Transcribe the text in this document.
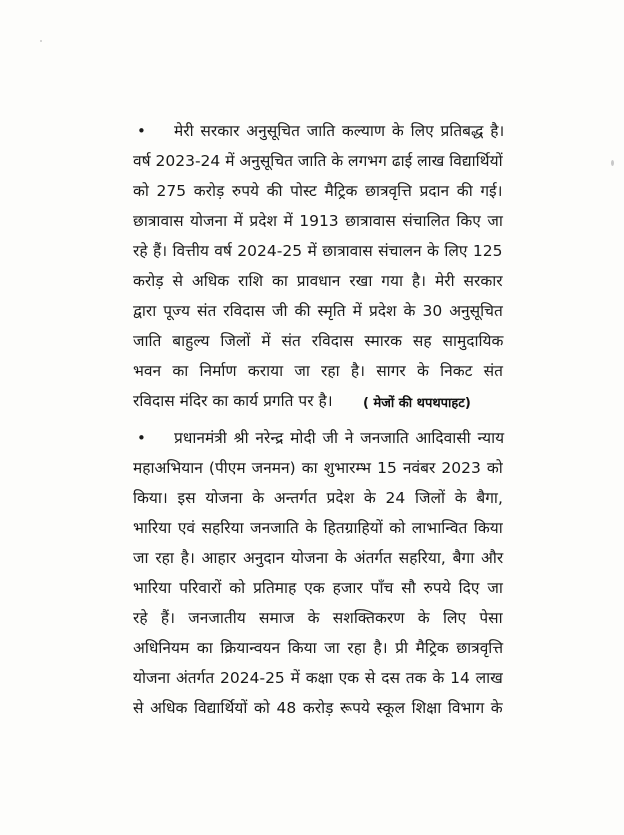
• मेरी सरकार अनुसूचित जाति कल्याण के लिए प्रतिबद्ध है।
वर्ष 2023-24 में अनुसूचित जाति के लगभग ढाई लाख विद्यार्थियों
को 275 करोड़ रुपये की पोस्ट मैट्रिक छात्रवृत्ति प्रदान की गई।
छात्रावास योजना में प्रदेश में 1913 छात्रावास संचालित किए जा
रहे हैं। वित्तीय वर्ष 2024-25 में छात्रावास संचालन के लिए 125
करोड़ से अधिक राशि का प्रावधान रखा गया है। मेरी सरकार
द्वारा पूज्य संत रविदास जी की स्मृति में प्रदेश के 30 अनुसूचित
जाति बाहुल्य जिलों में संत रविदास स्मारक सह सामुदायिक
भवन का निर्माण कराया जा रहा है। सागर के निकट संत
रविदास मंदिर का कार्य प्रगति पर है।	( मेजों की थपथपाहट)
• प्रधानमंत्री श्री नरेन्द्र मोदी जी ने जनजाति आदिवासी न्याय
महाअभियान (पीएम जनमन) का शुभारम्भ 15 नवंबर 2023 को
किया। इस योजना के अन्तर्गत प्रदेश के 24 जिलों के बैगा,
भारिया एवं सहरिया जनजाति के हितग्राहियों को लाभान्वित किया
जा रहा है। आहार अनुदान योजना के अंतर्गत सहरिया, बैगा और
भारिया परिवारों को प्रतिमाह एक हजार पाँच सौ रुपये दिए जा
रहे हैं। जनजातीय समाज के सशक्तिकरण के लिए पेसा
अधिनियम का क्रियान्वयन किया जा रहा है। प्री मैट्रिक छात्रवृत्ति
योजना अंतर्गत 2024-25 में कक्षा एक से दस तक के 14 लाख
से अधिक विद्यार्थियों को 48 करोड़ रूपये स्कूल शिक्षा विभाग के
